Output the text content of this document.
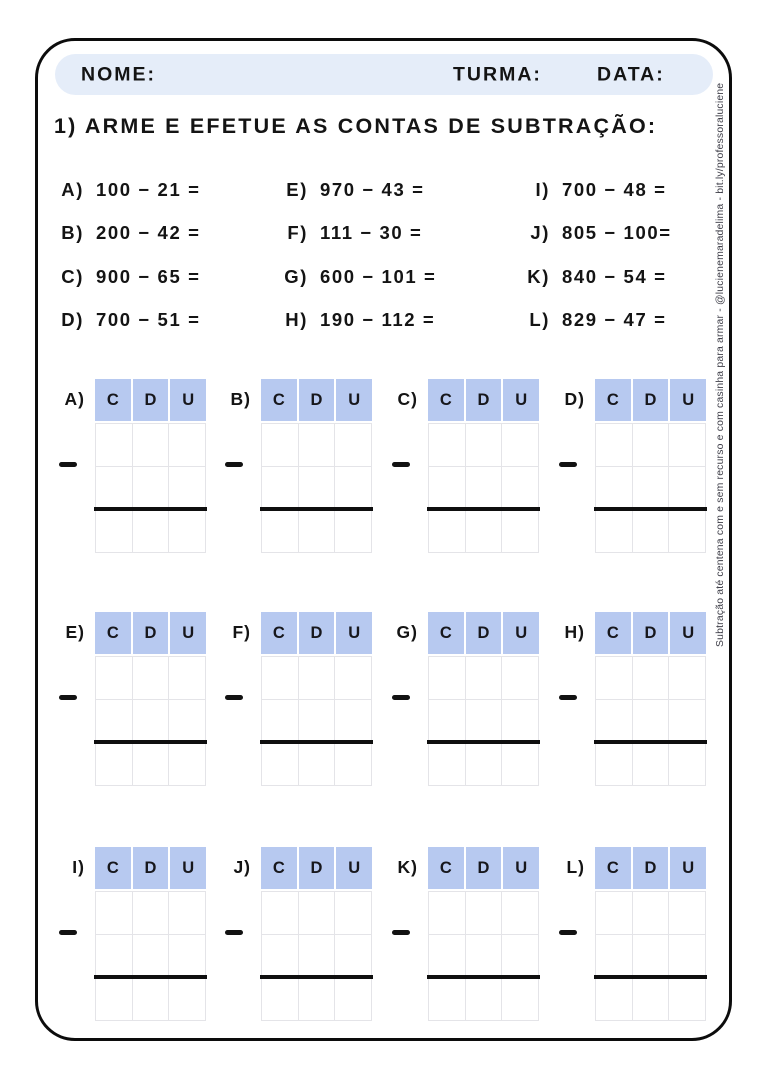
NOME:	TURMA:	DATA:
1) ARME E EFETUE AS CONTAS DE SUBTRAÇÃO:
A) 100 − 21 =
B) 200 − 42 =
C) 900 − 65 =
D) 700 − 51 =
E) 970 − 43 =
F) 111 − 30 =
G) 600 − 101 =
H) 190 − 112 =
I) 700 − 48 =
J) 805 − 100=
K) 840 − 54 =
L) 829 − 47 =
A)	C	D	U	B)	C	D	U	C)	C	D	U	D)	C	D	U
E)	C	D	U	F)	C	D	U	G)	C	D	U	H)	C	D	U
I)	C	D	U	J)	C	D	U	K)	C	D	U	L)	C	D	U
Subtração até centena com e sem recurso e com casinha para armar - @lucienemaradelima - bit.ly/professoraluciene
